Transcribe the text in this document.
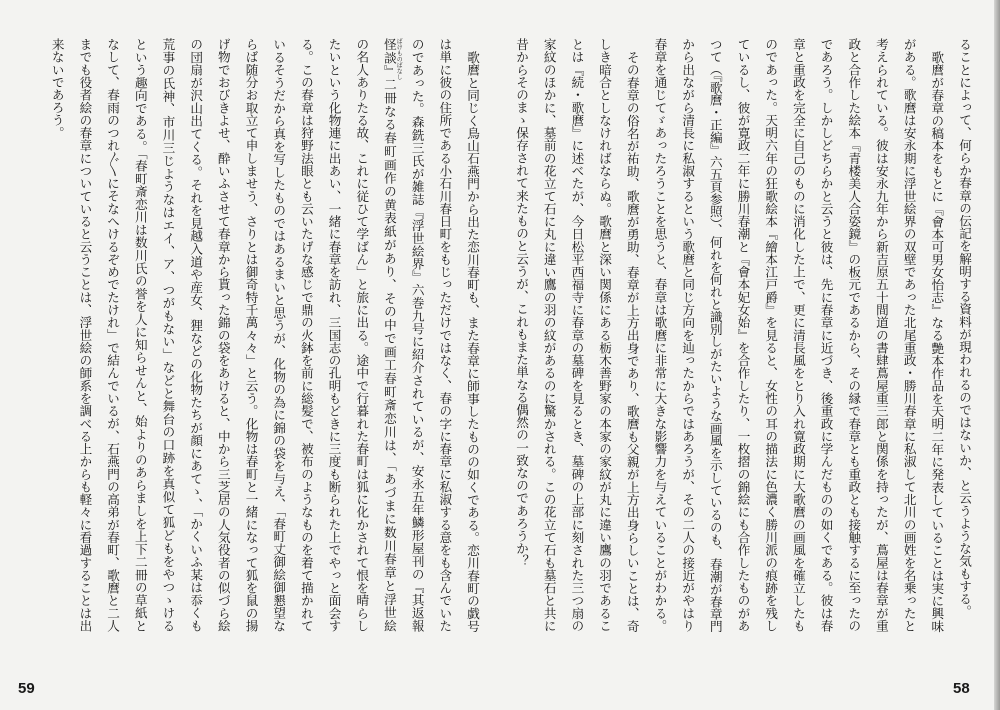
ることによって、何らか春章の伝記を解明する資料が現われるのではないか、と云うような気もする。
歌麿が春章の稿本をもとに『會本可男女怡志』なる艶本作品を天明二年に発表していることは実に興味
がある。歌麿は安永期に浮世絵界の双壁であった北尾重政・勝川春章に私淑して北川の画姓を名乗ったと
考えられている。彼は安永九年から新吉原五十間道の書肆蔦屋重三郎と関係を持ったが、蔦屋は春章が重
政と合作した絵本『青楼美人合姿鏡』の板元であるから、その縁で春章とも重政とも接触するに至ったの
であろう。しかしどちらかと云うと彼は、先に春章に近づき、後重政に学んだものの如くである。彼は春
章と重政を完全に自己のものに消化した上で、更に清長風をとり入れ寛政期に大歌麿の画風を確立したも
のであった。天明六年の狂歌絵本『繪本江戸爵』を見ると、女性の耳の描法に色濃く勝川派の痕跡を残し
ているし、彼が寛政二年に勝川春潮と『會本妃女始』を合作したり、一枚摺の錦絵にも合作したものがあ
つて（『歌麿・正編』六五頁参照）、何れを何れと識別しがたいような画風を示しているのも、春潮が春章門
から出ながら清長に私淑するという歌麿と同じ方向を辿ったからではあろうが、その二人の接近がやはり
春章を通じてゞあったろうことを思うと、春章は歌麿に非常に大きな影響力を与えていることがわかる。
その春章の俗名が祐助、歌麿が勇助、春章が上方出身であり、歌麿も父親が上方出身らしいことは、奇
しき暗合としなければならぬ。歌麿と深い関係にある栃木善野家の本家の家紋が丸に違い鷹の羽であるこ
とは『続・歌麿』に述べたが、今日松平西福寺に春章の墓碑を見るとき、墓碑の上部に刻された三つ扇の
家紋のほかに、墓前の花立て石に丸に違い鷹の羽の紋があるのに驚かされる。この花立て石も墓石と共に
昔からそのまゝ保存されて来たものと云うが、これもまた単なる偶然の一致なのであろうか？
歌麿と同じく鳥山石燕門から出た恋川春町も、また春章に師事したものの如くである。恋川春町の戯号
は単に彼の住所である小石川春日町をもじっただけではなく、春の字に春章に私淑する意をも含んでいた
のであった。森銑三氏が雑誌『浮世絵界』六巻九号に紹介されているが、安永五年鱗形屋刊の『其返報
怪談』二冊なる春町画作の黄表紙があり、その中で画工春町斎恋川は、「あづまに数川春章と浮世絵
ばけものばなし
の名人ありたる故、これに従ひて学ばん」と旅に出る。途中で行暮れた春町は狐に化かされて恨を晴らし
たいという化物連に出あい、一緒に春章を訪れ、三国志の孔明もどきに三度も断られた上でやっと面会す
る。この春章は狩野法眼とも云いたげな感じで鼎の火鉢を前に総髪で、被布のようなものを着て描かれて
いるそうだから真を写したものではあるまいと思うが、化物の為に錦の袋を与え、「春町丈御絵御懇望な
らば随分お取立て申しませう、さりとは御奇特千萬々々」と云う。化物は春町と一緒になって狐を鼠の揚
げ物でおびきよせ、酔いふさせて春章から貰った錦の袋をあけると、中から三芝居の人気役者の似づら絵
の団扇が沢山出てくる。それを見越入道や産女、狸などの化物たちが顔にあてゝ、「かくいふ某は忝くも
荒事の氏神、市川三じようなはエイ、ア、つがもない」などと舞台の口跡を真似て狐どもをやつゝける
という趣向である。「春町斎恋川は数川氏の誉を人に知らせんと、始よりのあらましを上下二冊の草紙と
なして、春雨のつれ〴〵にそなへけるぞめでたけれ」で結んでいるが、石燕門の高弟が春町、歌麿と二人
までも役者絵の春章についていると云うことは、浮世絵の師系を調べる上からも軽々に看過することは出
来ないであろう。
59	58
